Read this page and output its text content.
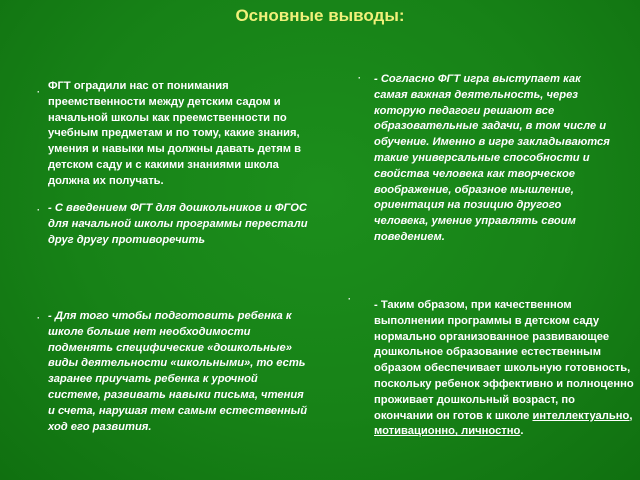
Основные выводы:
· ФГТ оградили нас от понимания преемственности между детским садом и начальной школы как преемственности по учебным предметам и по тому, какие знания, умения и навыки мы должны давать детям в детском саду и с какими знаниями школа должна их получать.
· - С введением ФГТ для дошкольников и ФГОС для начальной школы программы перестали друг другу противоречить
· - Для того чтобы подготовить ребенка к школе больше нет необходимости подменять специфические «дошкольные» виды деятельности «школьными», то есть заранее приучать ребенка к урочной системе, развивать навыки письма, чтения и счета, нарушая тем самым естественный ход его развития.
· - Согласно ФГТ игра выступает как самая важная деятельность, через которую педагоги решают все образовательные задачи, в том числе и обучение. Именно в игре закладываются такие универсальные способности и свойства человека как творческое воображение, образное мышление, ориентация на позицию другого человека, умение управлять своим поведением.
· - Таким образом, при качественном выполнении программы в детском саду нормально организованное развивающее дошкольное образование естественным образом обеспечивает школьную готовность, поскольку ребенок эффективно и полноценно проживает дошкольный возраст, по окончании он готов к школе интеллектуально, мотивационно, личностно.
